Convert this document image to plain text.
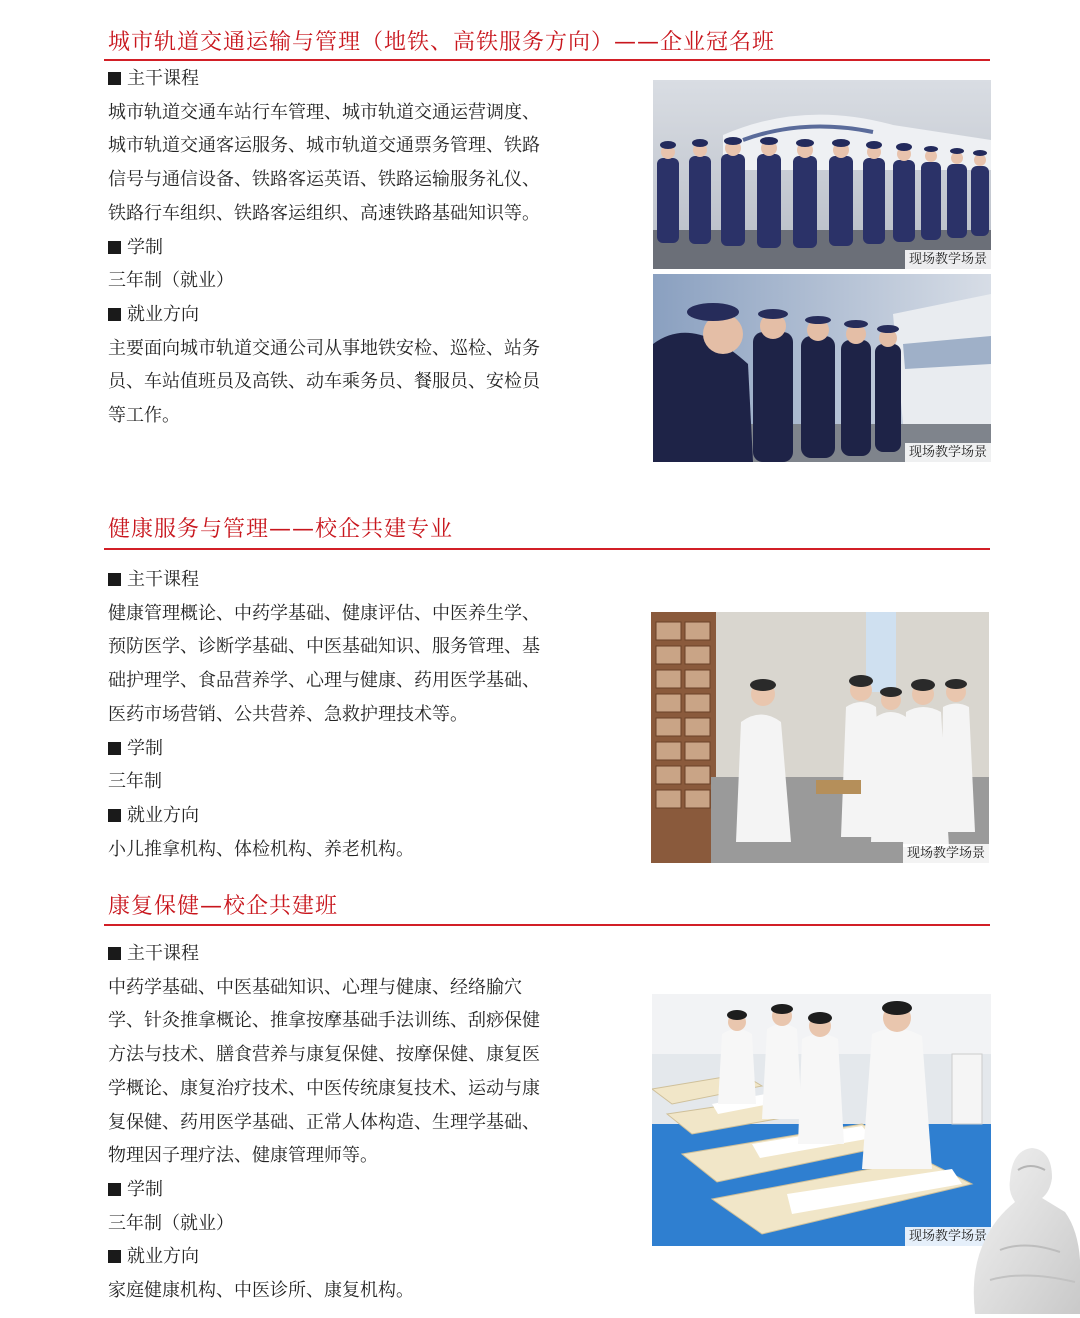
城市轨道交通运输与管理（地铁、高铁服务方向）——企业冠名班

主干课程

城市轨道交通车站行车管理、城市轨道交通运营调度、城市轨道交通客运服务、城市轨道交通票务管理、铁路信号与通信设备、铁路客运英语、铁路运输服务礼仪、铁路行车组织、铁路客运组织、高速铁路基础知识等。

学制

三年制（就业）

就业方向

主要面向城市轨道交通公司从事地铁安检、巡检、站务员、车站值班员及高铁、动车乘务员、餐服员、安检员等工作。

现场教学场景
现场教学场景
健康服务与管理——校企共建专业

主干课程

健康管理概论、中药学基础、健康评估、中医养生学、预防医学、诊断学基础、中医基础知识、服务管理、基础护理学、食品营养学、心理与健康、药用医学基础、医药市场营销、公共营养、急救护理技术等。

学制

三年制

就业方向

小儿推拿机构、体检机构、养老机构。	现场教学场景
康复保健—校企共建班

主干课程

中药学基础、中医基础知识、心理与健康、经络腧穴学、针灸推拿概论、推拿按摩基础手法训练、刮痧保健方法与技术、膳食营养与康复保健、按摩保健、康复医学概论、康复治疗技术、中医传统康复技术、运动与康复保健、药用医学基础、正常人体构造、生理学基础、物理因子理疗法、健康管理师等。

学制

三年制（就业）

就业方向

家庭健康机构、中医诊所、康复机构。

现场教学场景
